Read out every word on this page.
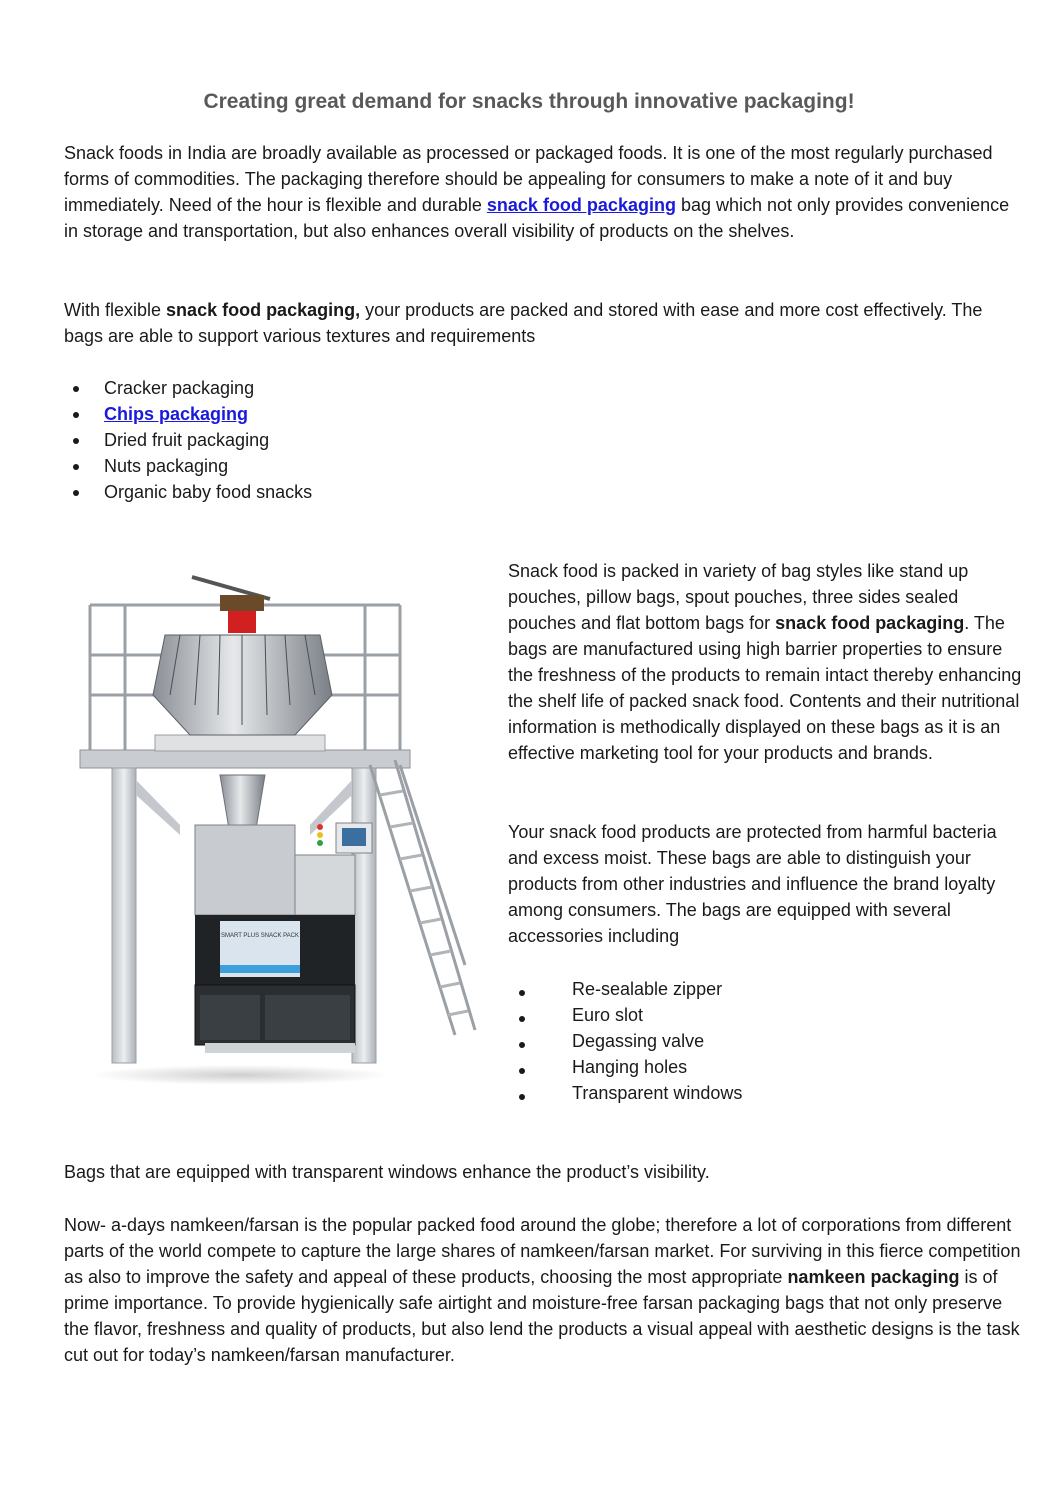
Creating great demand for snacks through innovative packaging!

Snack foods in India are broadly available as processed or packaged foods. It is one of the most regularly purchased forms of commodities. The packaging therefore should be appealing for consumers to make a note of it and buy immediately. Need of the hour is flexible and durable snack food packaging bag which not only provides convenience in storage and transportation, but also enhances overall visibility of products on the shelves.

With flexible snack food packaging, your products are packed and stored with ease and more cost effectively. The bags are able to support various textures and requirements

Cracker packaging
Chips packaging
Dried fruit packaging
Nuts packaging
Organic baby food snacks
SMART PLUS SNACK PACK

Snack food is packed in variety of bag styles like stand up pouches, pillow bags, spout pouches, three sides sealed pouches and flat bottom bags for snack food packaging. The bags are manufactured using high barrier properties to ensure the freshness of the products to remain intact thereby enhancing the shelf life of packed snack food. Contents and their nutritional information is methodically displayed on these bags as it is an effective marketing tool for your products and brands.

Your snack food products are protected from harmful bacteria and excess moist. These bags are able to distinguish your products from other industries and influence the brand loyalty among consumers. The bags are equipped with several accessories including

Re-sealable zipper
Euro slot
Degassing valve
Hanging holes
Transparent windows

Bags that are equipped with transparent windows enhance the product’s visibility.

Now- a-days namkeen/farsan is the popular packed food around the globe; therefore a lot of corporations from different parts of the world compete to capture the large shares of namkeen/farsan market. For surviving in this fierce competition as also to improve the safety and appeal of these products, choosing the most appropriate namkeen packaging is of prime importance. To provide hygienically safe airtight and moisture-free farsan packaging bags that not only preserve the flavor, freshness and quality of products, but also lend the products a visual appeal with aesthetic designs is the task cut out for today’s namkeen/farsan manufacturer.
